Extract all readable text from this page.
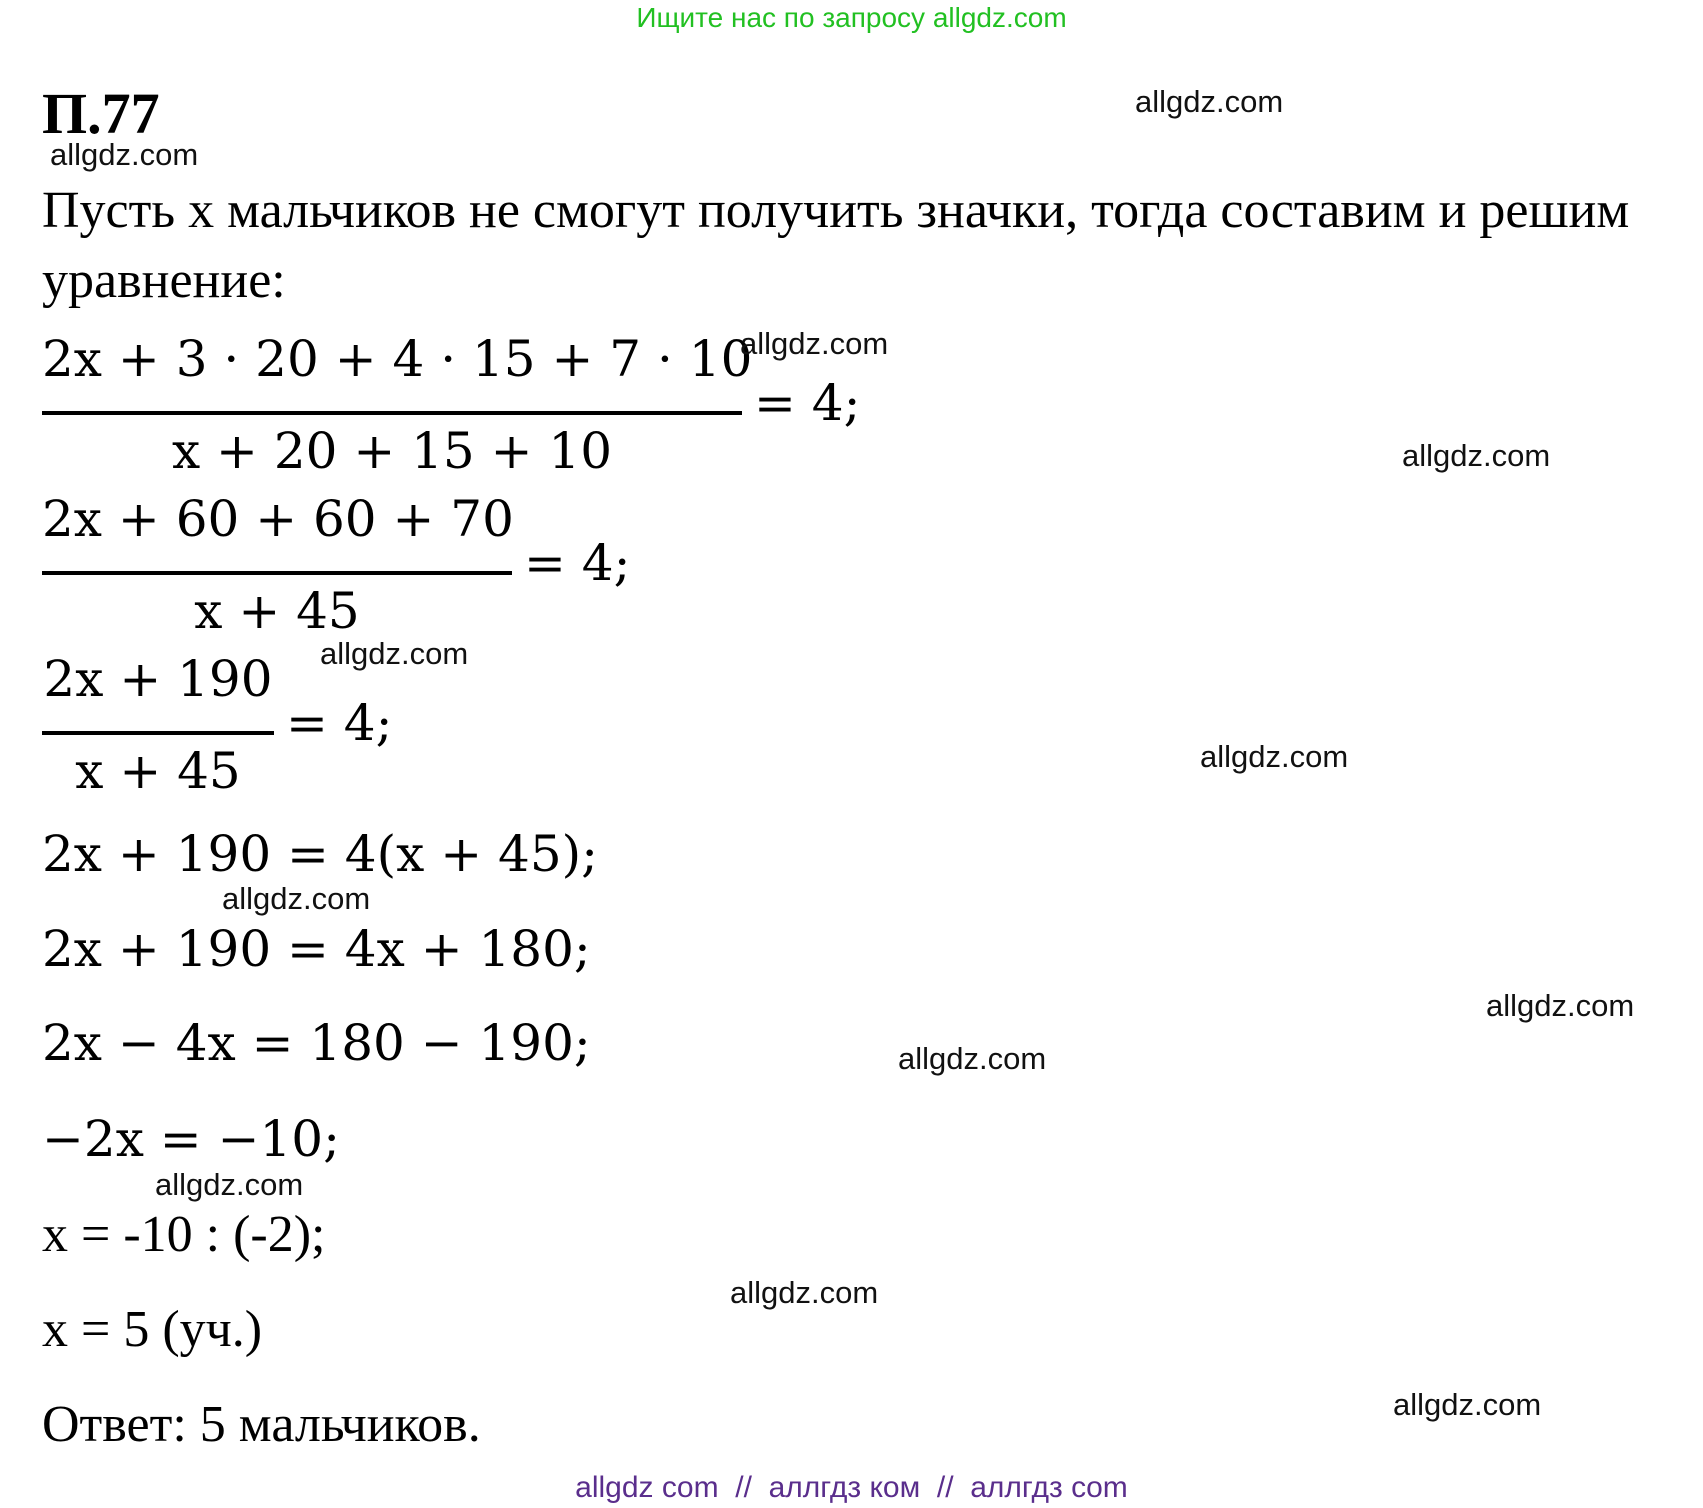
Ищите нас по запросу allgdz.com
П.77
Пусть x мальчиков не смогут получить значки, тогда составим и решим уравнение:
2x + 3 · 20 + 4 · 15 + 7 · 10
x + 20 + 15 + 10
= 4;
2x + 60 + 60 + 70
x + 45
= 4;
2x + 190
x + 45
= 4;
2x + 190 = 4(x + 45);
2x + 190 = 4x + 180;
2x − 4x = 180 − 190;
−2x = −10;
x = -10 : (-2);
x = 5 (уч.)
Ответ: 5 мальчиков.
allgdz.com
allgdz.com
allgdz.com
allgdz.com
allgdz.com
allgdz.com
allgdz.com
allgdz.com
allgdz.com
allgdz.com
allgdz.com
allgdz.com
allgdz com  //  аллгдз ком  //  аллгдз com
